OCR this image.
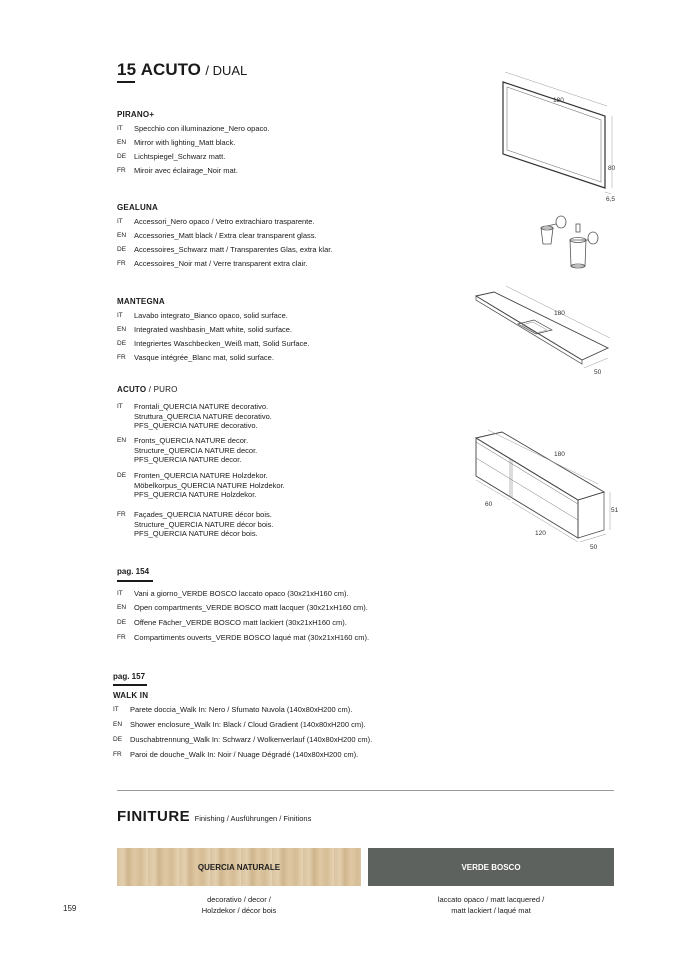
15 ACUTO / DUAL
PIRANO+
IT	Specchio con illuminazione_Nero opaco.
EN	Mirror with lighting_Matt black.
DE	Lichtspiegel_Schwarz matt.
FR	Miroir avec éclairage_Noir mat.
180
80
6,5
GEALUNA
IT	Accessori_Nero opaco / Vetro extrachiaro trasparente.
EN	Accessories_Matt black / Extra clear transparent glass.
DE	Accessoires_Schwarz matt / Transparentes Glas, extra klar.
FR	Accessoires_Noir mat / Verre transparent extra clair.
MANTEGNA
IT	Lavabo integrato_Bianco opaco, solid surface.
EN	Integrated washbasin_Matt white, solid surface.
DE	Integriertes Waschbecken_Weiß matt, Solid Surface.
FR	Vasque intégrée_Blanc mat, solid surface.
180
50
ACUTO / PURO
IT	Frontali_QUERCIA NATURE decorativo.
Struttura_QUERCIA NATURE decorativo.
PFS_QUERCIA NATURE decorativo.
EN	Fronts_QUERCIA NATURE decor.
Structure_QUERCIA NATURE decor.
PFS_QUERCIA NATURE decor.
DE	Fronten_QUERCIA NATURE Holzdekor.
Möbelkorpus_QUERCIA NATURE Holzdekor.
PFS_QUERCIA NATURE Holzdekor.
FR	Façades_QUERCIA NATURE décor bois.
Structure_QUERCIA NATURE décor bois.
PFS_QUERCIA NATURE décor bois.
180
51
50
60
120
pag. 154
IT	Vani a giorno_VERDE BOSCO laccato opaco (30x21xH160 cm).
EN	Open compartments_VERDE BOSCO matt lacquer (30x21xH160 cm).
DE	Offene Fächer_VERDE BOSCO matt lackiert (30x21xH160 cm).
FR	Compartiments ouverts_VERDE BOSCO laqué mat (30x21xH160 cm).
pag. 157
WALK IN
IT	Parete doccia_Walk In: Nero / Sfumato Nuvola (140x80xH200 cm).
EN	Shower enclosure_Walk In: Black / Cloud Gradient (140x80xH200 cm).
DE	Duschabtrennung_Walk In: Schwarz / Wolkenverlauf (140x80xH200 cm).
FR	Paroi de douche_Walk In: Noir / Nuage Dégradé (140x80xH200 cm).
FINITURE Finishing / Ausführungen / Finitions
QUERCIA NATURALE	VERDE BOSCO
decorativo / decor /
Holzdekor / décor bois
laccato opaco / matt lacquered /
matt lackiert / laqué mat
159
